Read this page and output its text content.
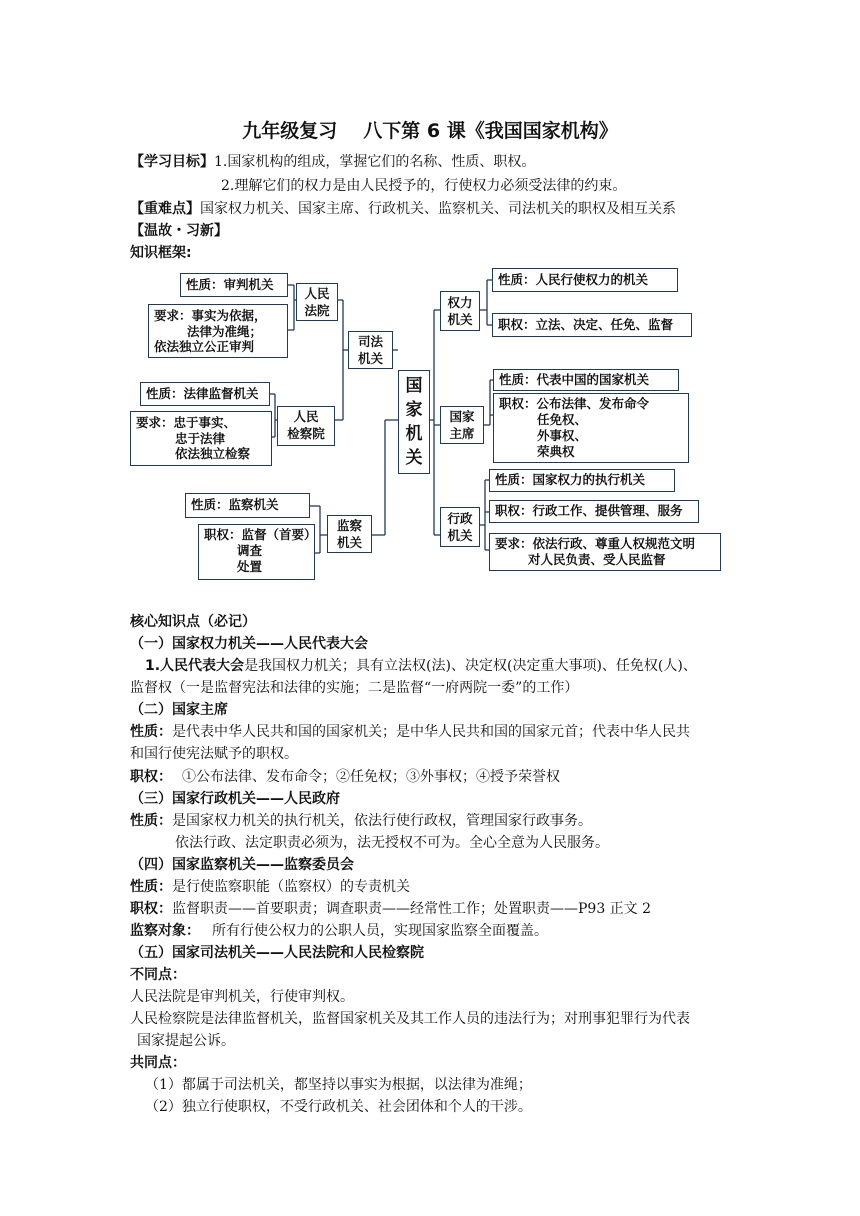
九年级复习 八下第 6 课《我国国家机构》
【学习目标】1.国家机构的组成，掌握它们的名称、性质、职权。
2.理解它们的权力是由人民授予的，行使权力必须受法律的约束。
【重难点】国家权力机关、国家主席、行政机关、监察机关、司法机关的职权及相互关系
【温故・习新】
知识框架:
性质：审判机关
要求：事实为依据，
法律为准绳；
依法独立公正审判
人民
法院
司法
机关
性质：法律监督机关
要求：忠于事实、
忠于法律
依法独立检察
人民
检察院
性质：监察机关
职权：监督（首要）
调查
处置
监察
机关
国
家
机
关
权力
机关
性质：人民行使权力的机关
职权：立法、决定、任免、监督
国家
主席
性质：代表中国的国家机关
职权：公布法律、发布命令
任免权、
外事权、
荣典权
行政
机关
性质：国家权力的执行机关
职权：行政工作、提供管理、服务
要求：依法行政、尊重人权规范文明
对人民负责、受人民监督
核心知识点（必记）
（一）国家权力机关——人民代表大会
1.人民代表大会是我国权力机关；具有立法权(法)、决定权(决定重大事项)、任免权(人)、
监督权（一是监督宪法和法律的实施；二是监督“一府两院一委”的工作）
（二）国家主席
性质：是代表中华人民共和国的国家机关；是中华人民共和国的国家元首；代表中华人民共
和国行使宪法赋予的职权。
职权： ①公布法律、发布命令；②任免权；③外事权；④授予荣誉权
（三）国家行政机关——人民政府
性质：是国家权力机关的执行机关，依法行使行政权，管理国家行政事务。
依法行政、法定职责必须为，法无授权不可为。全心全意为人民服务。
（四）国家监察机关——监察委员会
性质：是行使监察职能（监察权）的专责机关
职权：监督职责——首要职责；调查职责——经常性工作；处置职责——P93 正文 2
监察对象： 所有行使公权力的公职人员，实现国家监察全面覆盖。
（五）国家司法机关——人民法院和人民检察院
不同点：
人民法院是审判机关，行使审判权。
人民检察院是法律监督机关，监督国家机关及其工作人员的违法行为；对刑事犯罪行为代表
国家提起公诉。
共同点：
（1）都属于司法机关，都坚持以事实为根据，以法律为准绳；
（2）独立行使职权，不受行政机关、社会团体和个人的干涉。
